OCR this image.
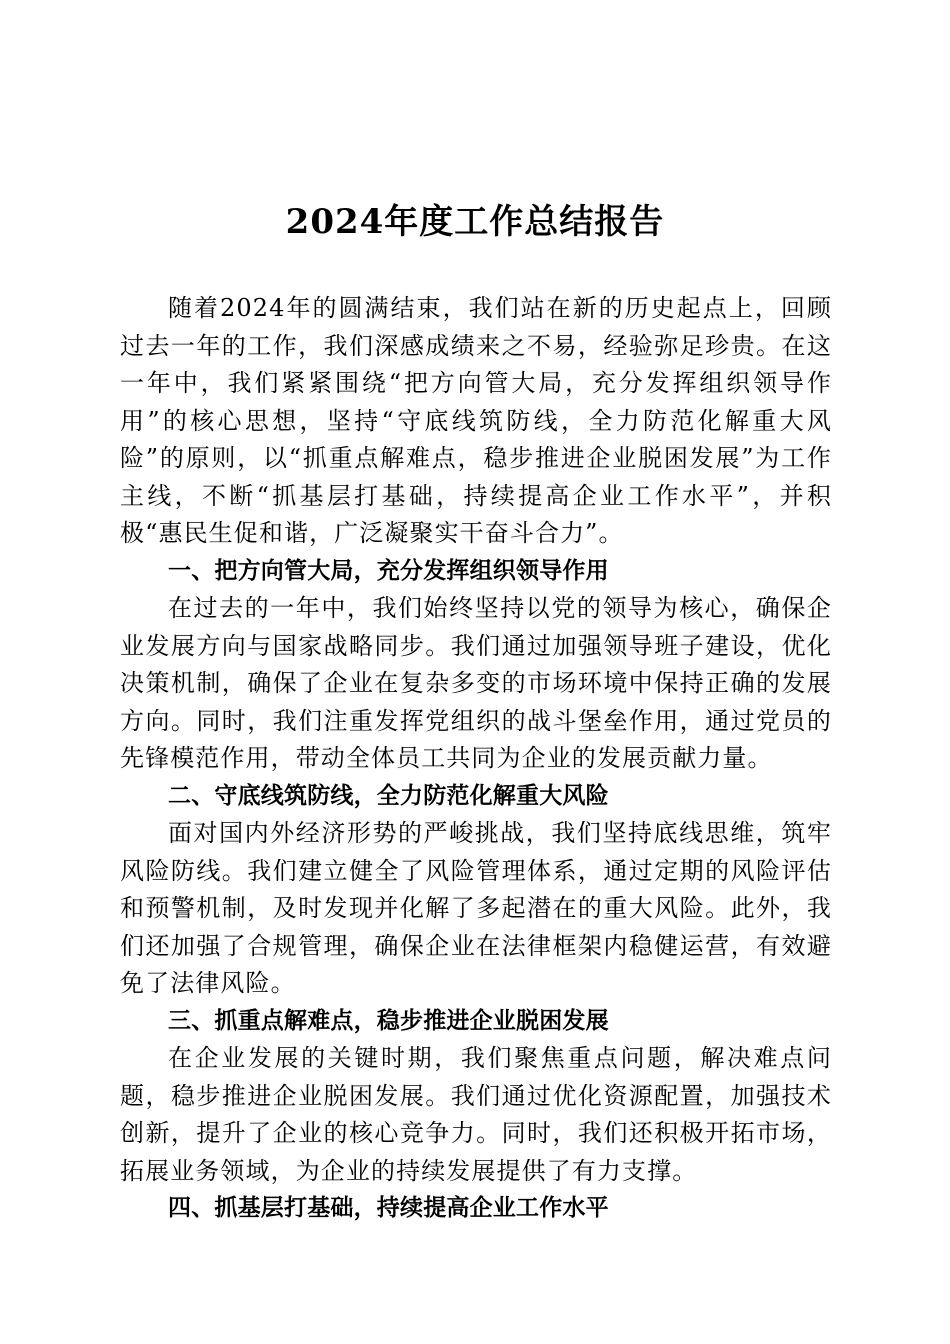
2024年度工作总结报告

随着2024年的圆满结束，我们站在新的历史起点上，回顾过去一年的工作，我们深感成绩来之不易，经验弥足珍贵。在这一年中，我们紧紧围绕“把方向管大局，充分发挥组织领导作用”的核心思想，坚持“守底线筑防线，全力防范化解重大风险”的原则，以“抓重点解难点，稳步推进企业脱困发展”为工作主线，不断“抓基层打基础，持续提高企业工作水平”，并积极“惠民生促和谐，广泛凝聚实干奋斗合力”。

一、把方向管大局，充分发挥组织领导作用

在过去的一年中，我们始终坚持以党的领导为核心，确保企业发展方向与国家战略同步。我们通过加强领导班子建设，优化决策机制，确保了企业在复杂多变的市场环境中保持正确的发展方向。同时，我们注重发挥党组织的战斗堡垒作用，通过党员的先锋模范作用，带动全体员工共同为企业的发展贡献力量。

二、守底线筑防线，全力防范化解重大风险

面对国内外经济形势的严峻挑战，我们坚持底线思维，筑牢风险防线。我们建立健全了风险管理体系，通过定期的风险评估和预警机制，及时发现并化解了多起潜在的重大风险。此外，我们还加强了合规管理，确保企业在法律框架内稳健运营，有效避免了法律风险。

三、抓重点解难点，稳步推进企业脱困发展

在企业发展的关键时期，我们聚焦重点问题，解决难点问题，稳步推进企业脱困发展。我们通过优化资源配置，加强技术创新，提升了企业的核心竞争力。同时，我们还积极开拓市场，拓展业务领域，为企业的持续发展提供了有力支撑。

四、抓基层打基础，持续提高企业工作水平
